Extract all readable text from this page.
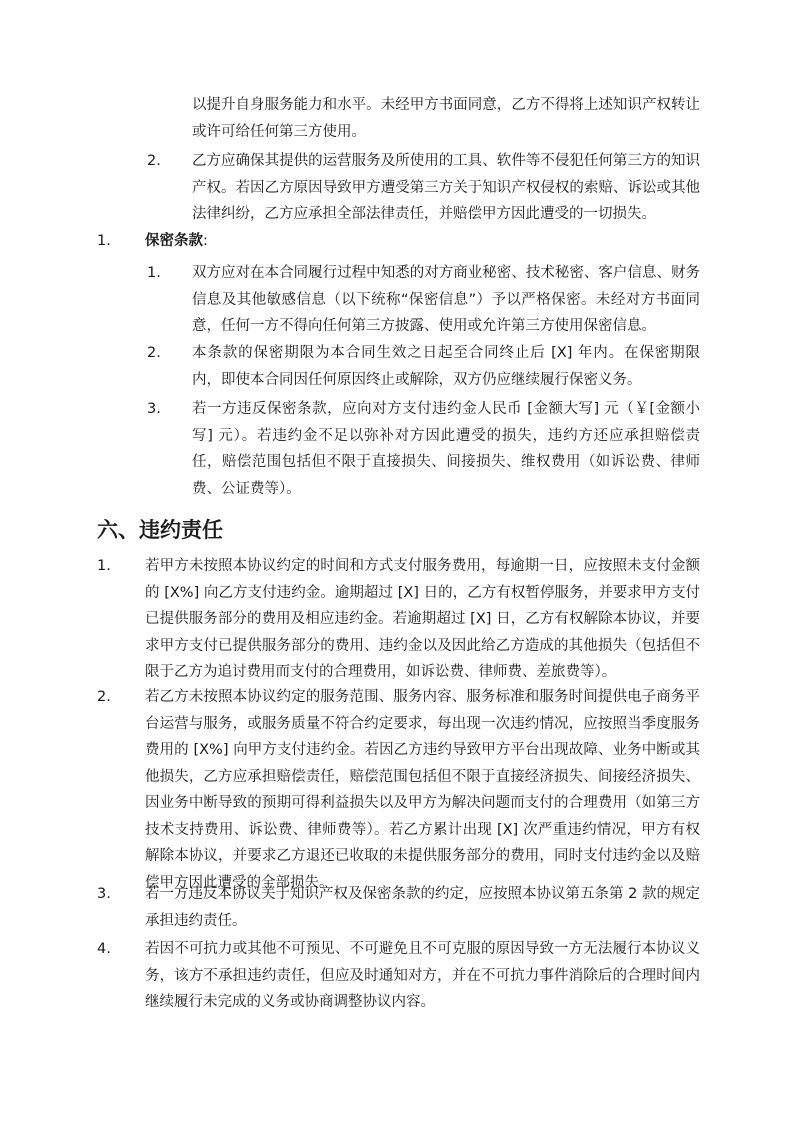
以提升自身服务能力和水平。未经甲方书面同意，乙方不得将上述知识产权转让或许可给任何第三方使用。

2. 乙方应确保其提供的运营服务及所使用的工具、软件等不侵犯任何第三方的知识产权。若因乙方原因导致甲方遭受第三方关于知识产权侵权的索赔、诉讼或其他法律纠纷，乙方应承担全部法律责任，并赔偿甲方因此遭受的一切损失。

1. 保密条款:
1. 双方应对在本合同履行过程中知悉的对方商业秘密、技术秘密、客户信息、财务信息及其他敏感信息（以下统称“保密信息”）予以严格保密。未经对方书面同意，任何一方不得向任何第三方披露、使用或允许第三方使用保密信息。

2. 本条款的保密期限为本合同生效之日起至合同终止后 [X] 年内。在保密期限内，即使本合同因任何原因终止或解除，双方仍应继续履行保密义务。

3. 若一方违反保密条款，应向对方支付违约金人民币 [金额大写] 元（￥[金额小写] 元）。若违约金不足以弥补对方因此遭受的损失，违约方还应承担赔偿责任，赔偿范围包括但不限于直接损失、间接损失、维权费用（如诉讼费、律师费、公证费等）。

六、违约责任
1. 若甲方未按照本协议约定的时间和方式支付服务费用，每逾期一日，应按照未支付金额的 [X%] 向乙方支付违约金。逾期超过 [X] 日的，乙方有权暂停服务，并要求甲方支付已提供服务部分的费用及相应违约金。若逾期超过 [X] 日，乙方有权解除本协议，并要求甲方支付已提供服务部分的费用、违约金以及因此给乙方造成的其他损失（包括但不限于乙方为追讨费用而支付的合理费用，如诉讼费、律师费、差旅费等）。

2. 若乙方未按照本协议约定的服务范围、服务内容、服务标准和服务时间提供电子商务平台运营与服务，或服务质量不符合约定要求，每出现一次违约情况，应按照当季度服务费用的 [X%] 向甲方支付违约金。若因乙方违约导致甲方平台出现故障、业务中断或其他损失，乙方应承担赔偿责任，赔偿范围包括但不限于直接经济损失、间接经济损失、因业务中断导致的预期可得利益损失以及甲方为解决问题而支付的合理费用（如第三方技术支持费用、诉讼费、律师费等）。若乙方累计出现 [X] 次严重违约情况，甲方有权解除本协议，并要求乙方退还已收取的未提供服务部分的费用，同时支付违约金以及赔偿甲方因此遭受的全部损失。

3. 若一方违反本协议关于知识产权及保密条款的约定，应按照本协议第五条第 2 款的规定承担违约责任。

4. 若因不可抗力或其他不可预见、不可避免且不可克服的原因导致一方无法履行本协议义务，该方不承担违约责任，但应及时通知对方，并在不可抗力事件消除后的合理时间内继续履行未完成的义务或协商调整协议内容。
